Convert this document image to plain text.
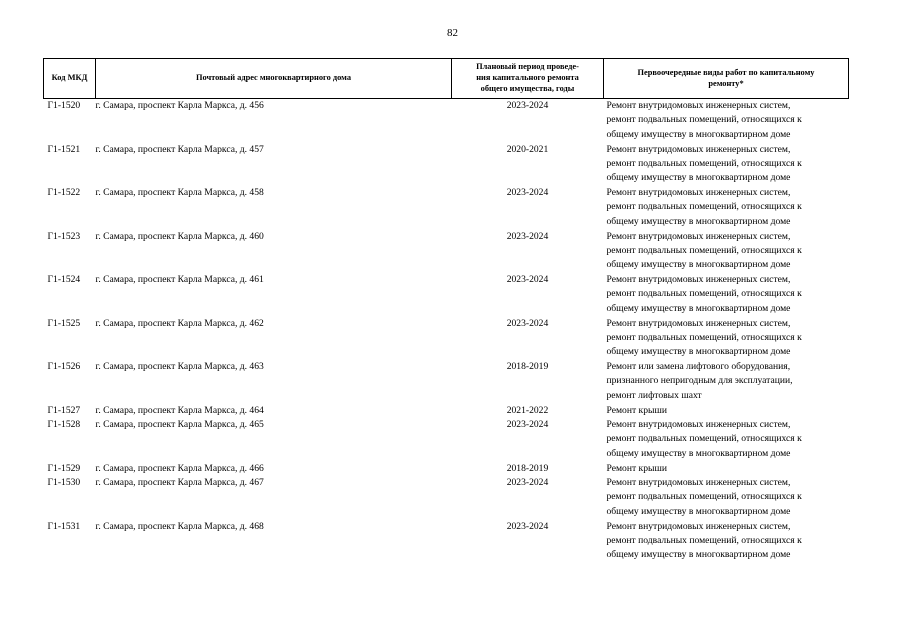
82
Код МКД	Почтовый адрес многоквартирного дома	Плановый период проведе-
ния капитального ремонта
общего имущества, годы	Первоочередные виды работ по капитальному
ремонту*

Г1-1520	г. Самара, проспект Карла Маркса, д. 456	2023-2024	Ремонт внутридомовых инженерных систем,
ремонт подвальных помещений, относящихся к
общему имуществу в многоквартирном доме

Г1-1521	г. Самара, проспект Карла Маркса, д. 457	2020-2021	Ремонт внутридомовых инженерных систем,
ремонт подвальных помещений, относящихся к
общему имуществу в многоквартирном доме

Г1-1522	г. Самара, проспект Карла Маркса, д. 458	2023-2024	Ремонт внутридомовых инженерных систем,
ремонт подвальных помещений, относящихся к
общему имуществу в многоквартирном доме

Г1-1523	г. Самара, проспект Карла Маркса, д. 460	2023-2024	Ремонт внутридомовых инженерных систем,
ремонт подвальных помещений, относящихся к
общему имуществу в многоквартирном доме

Г1-1524	г. Самара, проспект Карла Маркса, д. 461	2023-2024	Ремонт внутридомовых инженерных систем,
ремонт подвальных помещений, относящихся к
общему имуществу в многоквартирном доме

Г1-1525	г. Самара, проспект Карла Маркса, д. 462	2023-2024	Ремонт внутридомовых инженерных систем,
ремонт подвальных помещений, относящихся к
общему имуществу в многоквартирном доме

Г1-1526	г. Самара, проспект Карла Маркса, д. 463	2018-2019	Ремонт или замена лифтового оборудования,
признанного непригодным для эксплуатации,
ремонт лифтовых шахт

Г1-1527	г. Самара, проспект Карла Маркса, д. 464	2021-2022	Ремонт крыши

Г1-1528	г. Самара, проспект Карла Маркса, д. 465	2023-2024	Ремонт внутридомовых инженерных систем,
ремонт подвальных помещений, относящихся к
общему имуществу в многоквартирном доме

Г1-1529	г. Самара, проспект Карла Маркса, д. 466	2018-2019	Ремонт крыши

Г1-1530	г. Самара, проспект Карла Маркса, д. 467	2023-2024	Ремонт внутридомовых инженерных систем,
ремонт подвальных помещений, относящихся к
общему имуществу в многоквартирном доме

Г1-1531	г. Самара, проспект Карла Маркса, д. 468	2023-2024	Ремонт внутридомовых инженерных систем,
ремонт подвальных помещений, относящихся к
общему имуществу в многоквартирном доме
